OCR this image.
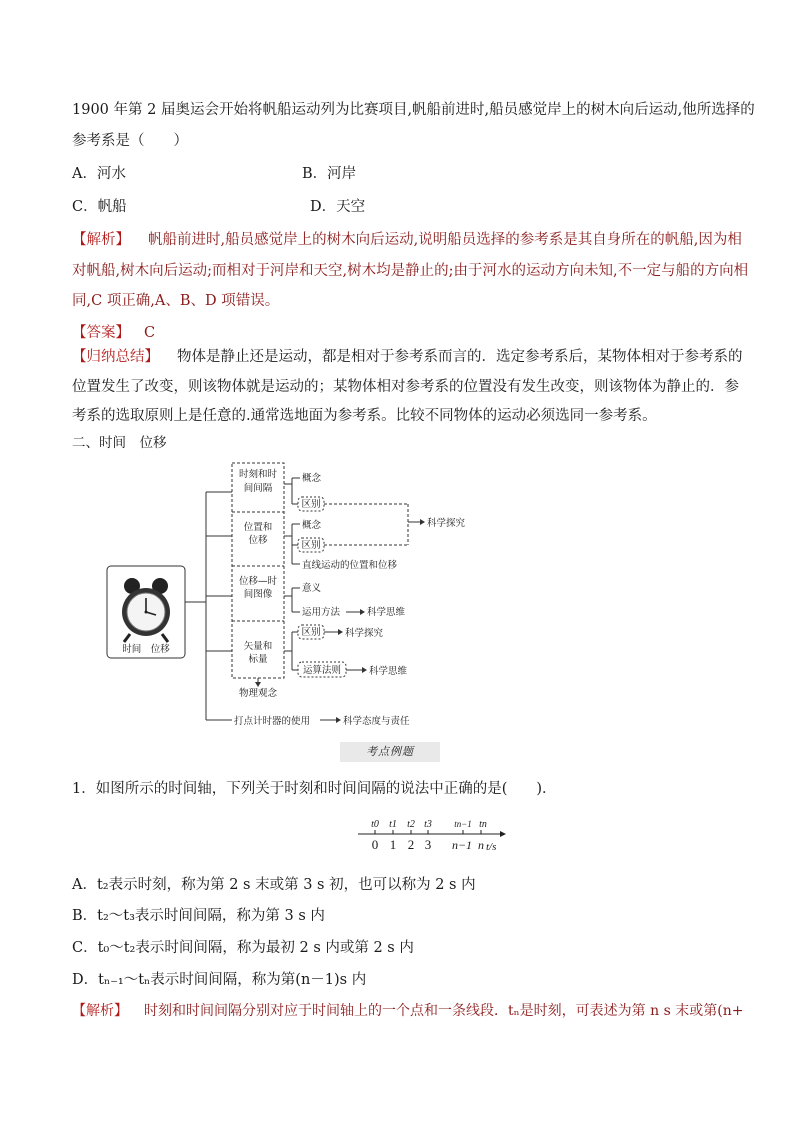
1900 年第 2 届奥运会开始将帆船运动列为比赛项目,帆船前进时,船员感觉岸上的树木向后运动,他所选择的
参考系是（　　）
A．河水	B．河岸
C．帆船	D．天空
【解析】 帆船前进时,船员感觉岸上的树木向后运动,说明船员选择的参考系是其自身所在的帆船,因为相
对帆船,树木向后运动;而相对于河岸和天空,树木均是静止的;由于河水的运动方向未知,不一定与船的方向相
同,C 项正确,A、B、D 项错误。
【答案】 C
【归纳总结】 物体是静止还是运动，都是相对于参考系而言的．选定参考系后，某物体相对于参考系的
位置发生了改变，则该物体就是运动的；某物体相对参考系的位置没有发生改变，则该物体为静止的．参
考系的选取原则上是任意的.通常选地面为参考系。比较不同物体的运动必须选同一参考系。
二、时间　位移
时间　位移
时刻和时
间间隔
位置和
位移
位移—时
间图像
矢量和
标量
物理观念
打点计时器的使用	科学态度与责任
概念
区别
概念
区别
直线运动的位置和位移
科学探究
意义
运用方法	科学思维
区别	科学探究
运算法则	科学思维
考点例题
1．如图所示的时间轴，下列关于时刻和时间间隔的说法中正确的是(　　)．
t0 t1 t2 t3 tn−1 tn
0 1 2 3 n−1 n t/s
A．t₂表示时刻，称为第 2 s 末或第 3 s 初，也可以称为 2 s 内
B．t₂～t₃表示时间间隔，称为第 3 s 内
C．t₀～t₂表示时间间隔，称为最初 2 s 内或第 2 s 内
D．tₙ₋₁～tₙ表示时间间隔，称为第(n－1)s 内
【解析】 时刻和时间间隔分别对应于时间轴上的一个点和一条线段．tₙ是时刻，可表述为第 n s 末或第(n+
